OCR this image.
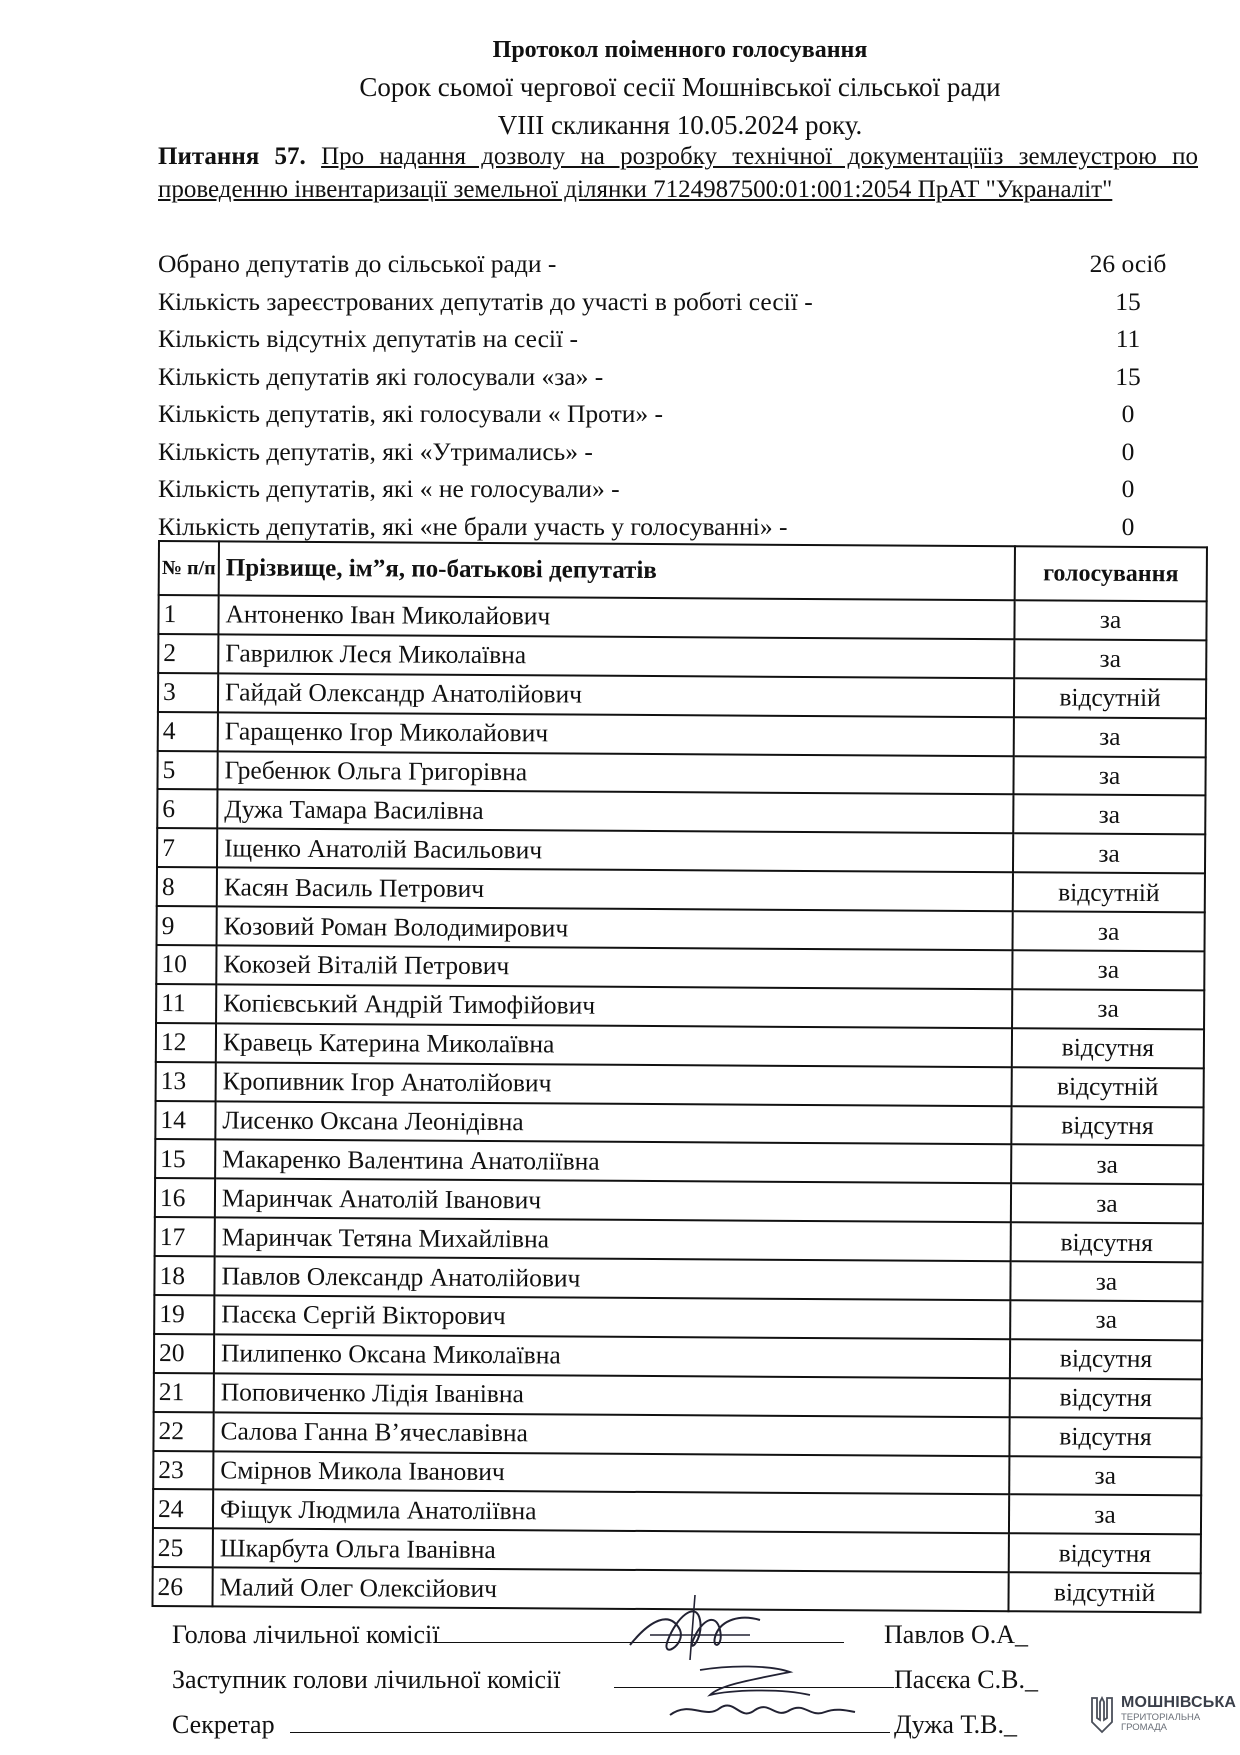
Протокол поіменного голосування
Сорок сьомої чергової сесії Мошнівської сільської ради
VIII скликання 10.05.2024 року.
Питання 57. Про надання дозволу на розробку технічної документаціїіз землеустрою по проведенню інвентаризації земельної ділянки 7124987500:01:001:2054 ПрАТ "Украналіт"
Обрано депутатів до сільської ради -	26 осіб
Кількість зареєстрованих депутатів до участі в роботі сесії -	15
Кількість відсутніх депутатів на сесії -	11
Кількість депутатів які голосували «за» -	15
Кількість депутатів, які голосували « Проти» -	0
Кількість депутатів, які «Утримались» -	0
Кількість депутатів, які « не голосували» -	0
Кількість депутатів, які «не брали участь у голосуванні» -	0
№ п/п	Прізвище, ім”я, по-батькові депутатів	голосування
1	Антоненко Іван Миколайович	за
2	Гаврилюк Леся Миколаївна	за
3	Гайдай Олександр Анатолійович	відсутній
4	Гаращенко Ігор Миколайович	за
5	Гребенюк Ольга Григорівна	за
6	Дужа Тамара Василівна	за
7	Іщенко Анатолій Васильович	за
8	Касян Василь Петрович	відсутній
9	Козовий Роман Володимирович	за
10	Кокозей Віталій Петрович	за
11	Копієвський Андрій Тимофійович	за
12	Кравець Катерина Миколаївна	відсутня
13	Кропивник Ігор Анатолійович	відсутній
14	Лисенко Оксана Леонідівна	відсутня
15	Макаренко Валентина Анатоліївна	за
16	Маринчак Анатолій Іванович	за
17	Маринчак Тетяна Михайлівна	відсутня
18	Павлов Олександр Анатолійович	за
19	Пасєка Сергій Вікторович	за
20	Пилипенко Оксана Миколаївна	відсутня
21	Поповиченко Лідія Іванівна	відсутня
22	Салова Ганна В’ячеславівна	відсутня
23	Смірнов Микола Іванович	за
24	Фіщук Людмила Анатоліївна	за
25	Шкарбута Ольга Іванівна	відсутня
26	Малий Олег Олексійович	відсутній
Голова лічильної комісії	Павлов О.А_
Заступник голови лічильної комісії	Пасєка С.В._
Секретар	Дужа Т.В._
МОШНІВСЬКА
ТЕРИТОРІАЛЬНА ГРОМАДА
